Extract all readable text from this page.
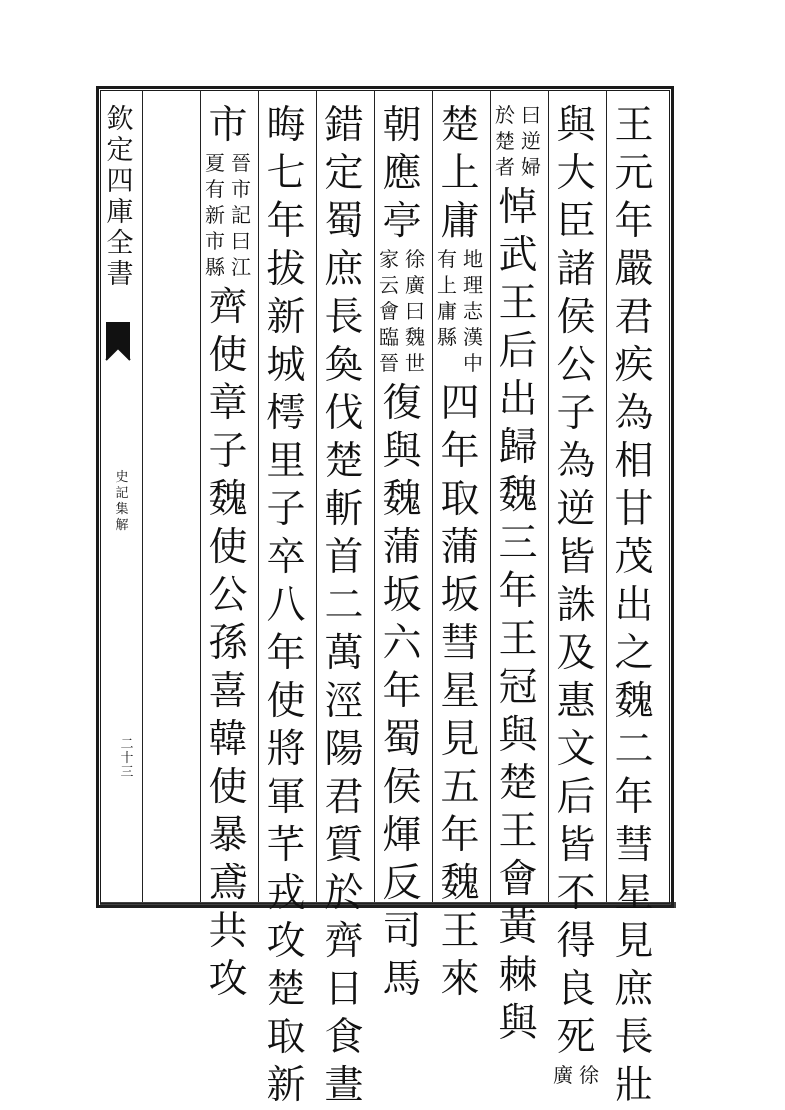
欽
定
四
庫
全
書
二
十
三
王
元
年
嚴
君
疾
為
相
甘
茂
出
之
魏
二
年
彗
星
見
庶
長
壯
與
大
臣
諸
侯
公
子
為
逆
皆
誅
及
惠
文
后
皆
不
得
良
死
徐
廣
曰
逆
婦
於
楚
者
悼
武
王
后
出
歸
魏
三
年
王
冠
與
楚
王
會
黃
棘
與
楚
上
庸
地
理
志
漢
中
有
上
庸
縣
四
年
取
蒲
坂
彗
星
見
五
年
魏
王
來
朝
應
亭
徐
廣
曰
魏
世
家
云
會
臨
晉
復
與
魏
蒲
坂
六
年
蜀
侯
煇
反
司
馬
錯
定
蜀
庶
長
奐
伐
楚
斬
首
二
萬
涇
陽
君
質
於
齊
日
食
晝
晦
七
年
拔
新
城
樗
里
子
卒
八
年
使
將
軍
芊
戎
攻
楚
取
新
市
晉
市
記
曰
江
夏
有
新
市
縣
齊
使
章
子
魏
使
公
孫
喜
韓
使
暴
鳶
共
攻
史
記
集
解
